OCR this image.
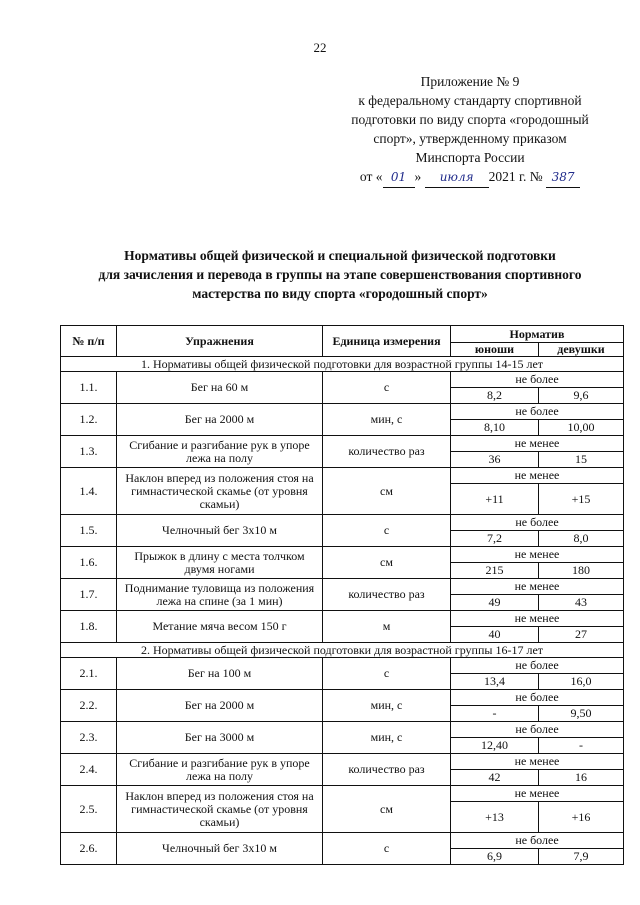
22
Приложение № 9
к федеральному стандарту спортивной
подготовки по виду спорта «городошный
спорт», утвержденному приказом
Минспорта России
от « 01 » июля 2021 г. № 387
Нормативы общей физической и специальной физической подготовки
для зачисления и перевода в группы на этапе совершенствования спортивного
мастерства по виду спорта «городошный спорт»
№ п/п	Упражнения	Единица измерения	Норматив	
			юноши	девушки
1. Нормативы общей физической подготовки для возрастной группы 14-15 лет				
1.1.	Бег на 60 м	с	не более	
			8,2	9,6
1.2.	Бег на 2000 м	мин, с	не более	
			8,10	10,00
1.3.	Сгибание и разгибание рук в упоре лежа на полу	количество раз	не менее	
			36	15
1.4.	Наклон вперед из положения стоя на гимнастической скамье (от уровня скамьи)	см	не менее	
			+11	+15
1.5.	Челночный бег 3х10 м	с	не более	
			7,2	8,0
1.6.	Прыжок в длину с места толчком двумя ногами	см	не менее	
			215	180
1.7.	Поднимание туловища из положения лежа на спине (за 1 мин)	количество раз	не менее	
			49	43
1.8.	Метание мяча весом 150 г	м	не менее	
			40	27
2. Нормативы общей физической подготовки для возрастной группы 16-17 лет				
2.1.	Бег на 100 м	с	не более	
			13,4	16,0
2.2.	Бег на 2000 м	мин, с	не более	
			-	9,50
2.3.	Бег на 3000 м	мин, с	не более	
			12,40	-
2.4.	Сгибание и разгибание рук в упоре лежа на полу	количество раз	не менее	
			42	16
2.5.	Наклон вперед из положения стоя на гимнастической скамье (от уровня скамьи)	см	не менее	
			+13	+16
2.6.	Челночный бег 3х10 м	с	не более	
			6,9	7,9
